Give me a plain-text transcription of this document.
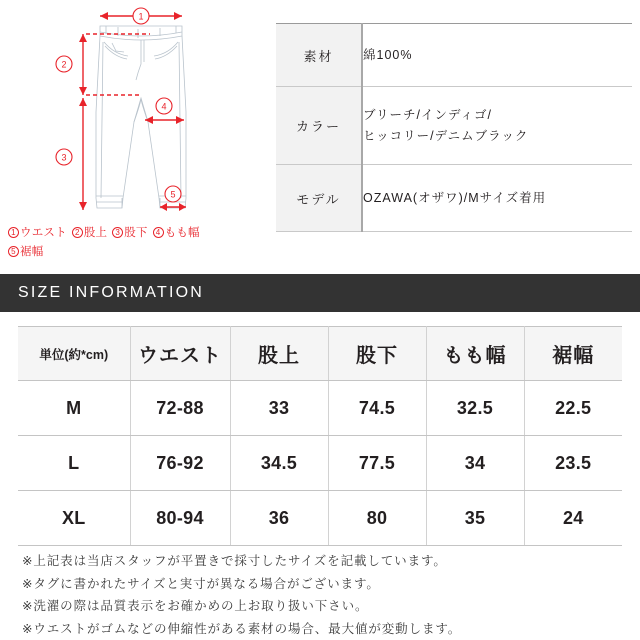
1
2
3
4
5
1 ウエスト 2 股上 3 股下 4 もも幅
5 裾幅
素材	綿100%

カラー	ブリーチ/インディゴ/
ヒッコリー/デニムブラック

モデル	OZAWA(オザワ)/Mサイズ着用
SIZE INFORMATION
単位(約*cm)	ウエスト	股上	股下	もも幅	裾幅
M	72-88	33	74.5	32.5	22.5
L	76-92	34.5	77.5	34	23.5
XL	80-94	36	80	35	24
※上記表は当店スタッフが平置きで採寸したサイズを記載しています。
※タグに書かれたサイズと実寸が異なる場合がございます。
※洗濯の際は品質表示をお確かめの上お取り扱い下さい。
※ウエストがゴムなどの伸縮性がある素材の場合、最大値が変動します。
